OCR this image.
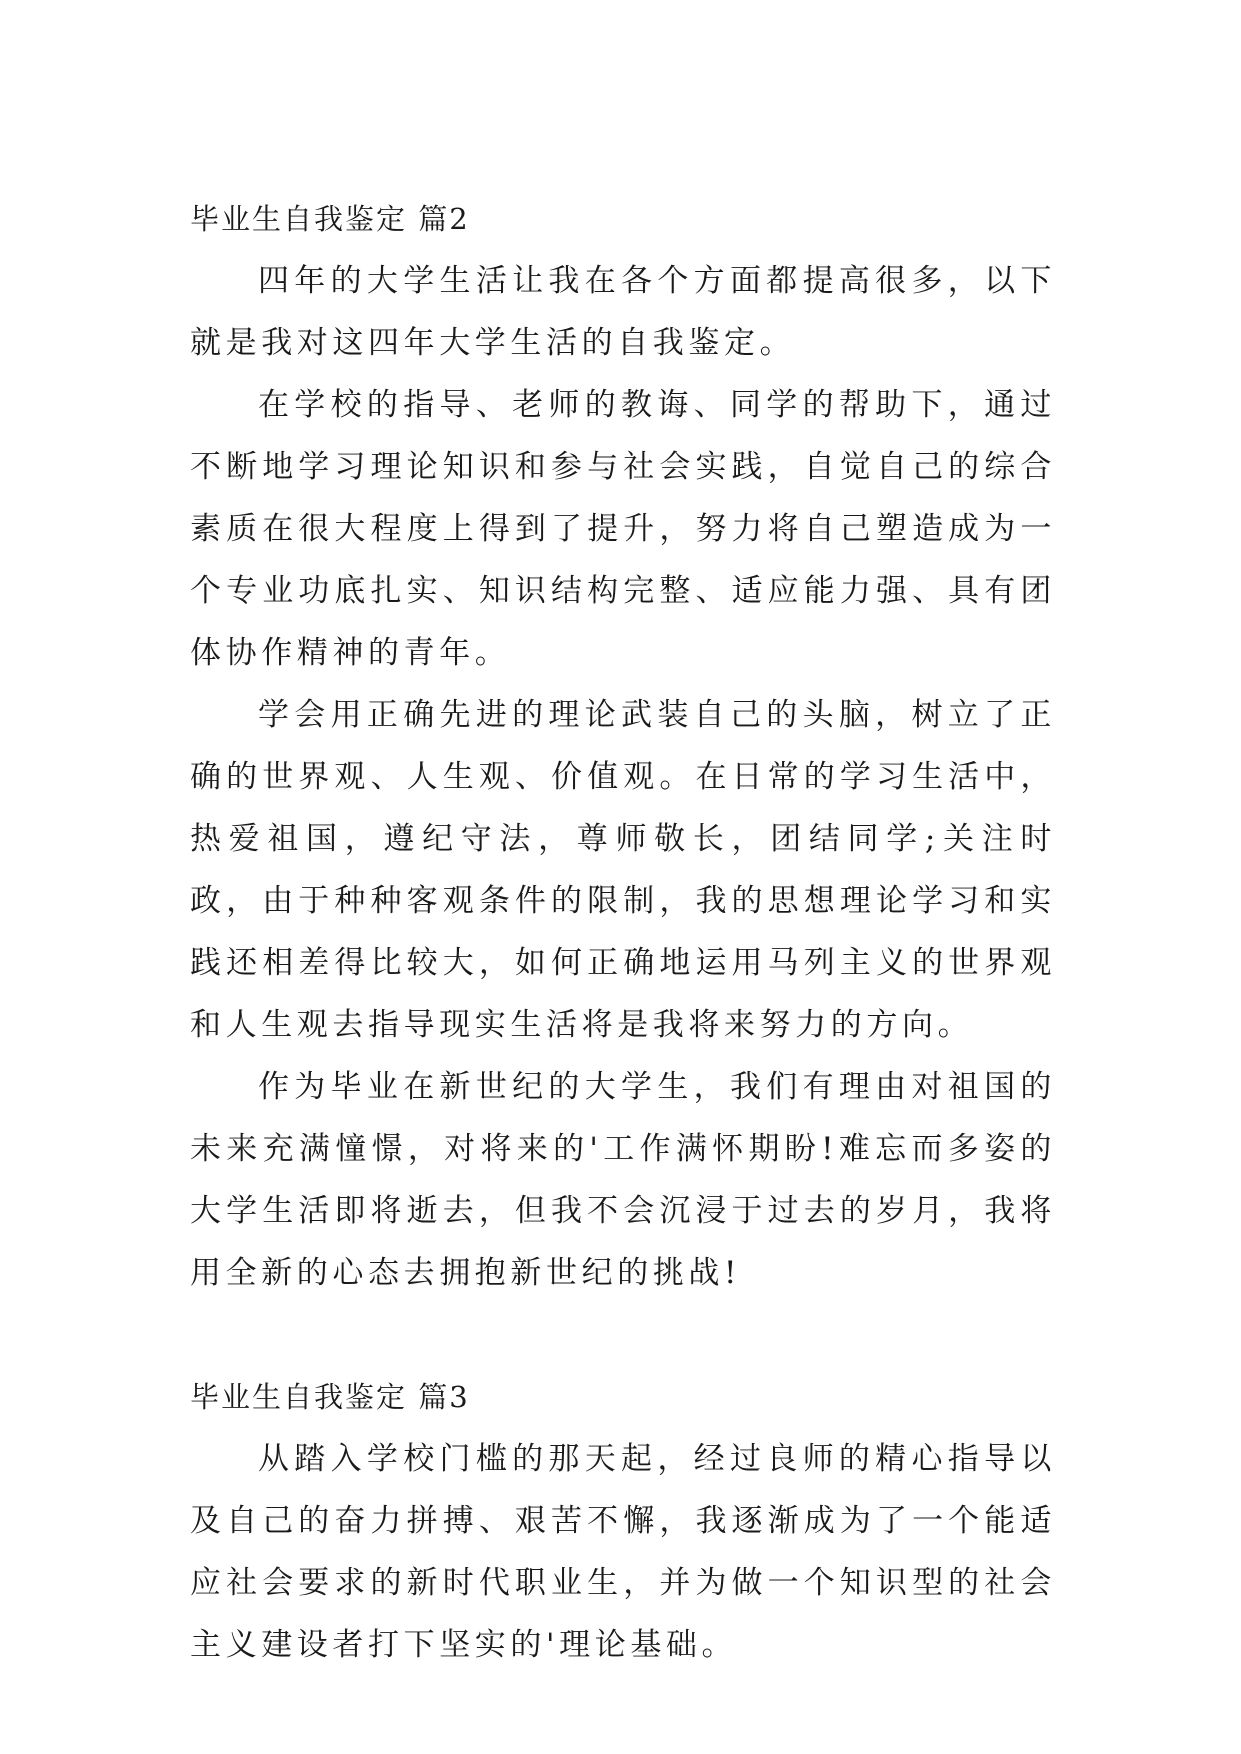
毕业生自我鉴定 篇2

四年的大学生活让我在各个方面都提高很多，以下就是我对这四年大学生活的自我鉴定。

在学校的指导、老师的教诲、同学的帮助下，通过不断地学习理论知识和参与社会实践，自觉自己的综合素质在很大程度上得到了提升，努力将自己塑造成为一个专业功底扎实、知识结构完整、适应能力强、具有团体协作精神的青年。

学会用正确先进的理论武装自己的头脑，树立了正确的世界观、人生观、价值观。在日常的学习生活中，热爱祖国，遵纪守法，尊师敬长，团结同学;关注时政，由于种种客观条件的限制，我的思想理论学习和实践还相差得比较大，如何正确地运用马列主义的世界观和人生观去指导现实生活将是我将来努力的方向。

作为毕业在新世纪的大学生，我们有理由对祖国的未来充满憧憬，对将来的'工作满怀期盼!难忘而多姿的大学生活即将逝去，但我不会沉浸于过去的岁月，我将用全新的心态去拥抱新世纪的挑战!

毕业生自我鉴定 篇3

从踏入学校门槛的那天起，经过良师的精心指导以及自己的奋力拼搏、艰苦不懈，我逐渐成为了一个能适应社会要求的新时代职业生，并为做一个知识型的社会主义建设者打下坚实的'理论基础。
